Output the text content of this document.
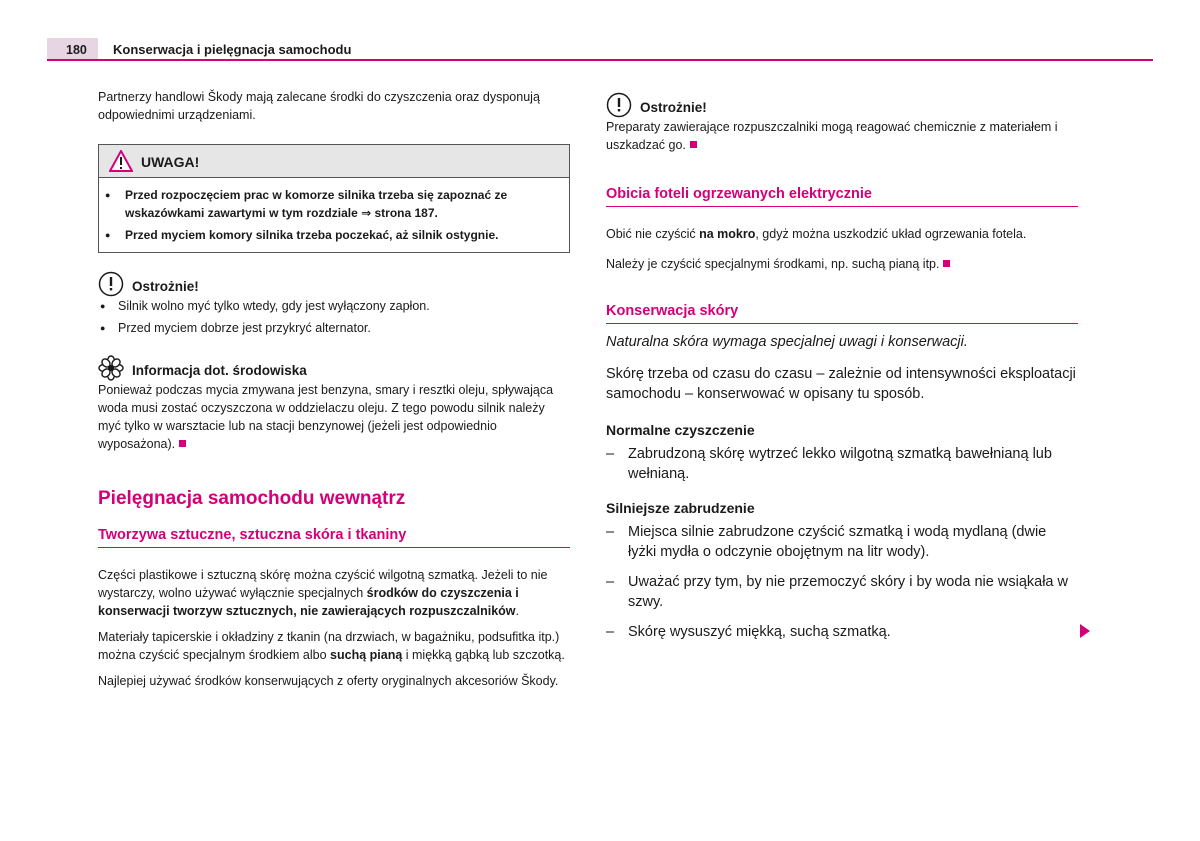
180 Konserwacja i pielęgnacja samochodu

Partnerzy handlowi Škody mają zalecane środki do czyszczenia oraz dysponują odpowiednimi urządzeniami.

UWAGA!
● Przed rozpoczęciem prac w komorze silnika trzeba się zapoznać ze wskazówkami zawartymi w tym rozdziale ⇒ strona 187.
● Przed myciem komory silnika trzeba poczekać, aż silnik ostygnie.
Ostrożnie!
● Silnik wolno myć tylko wtedy, gdy jest wyłączony zapłon.
● Przed myciem dobrze jest przykryć alternator.
Informacja dot. środowiska

Ponieważ podczas mycia zmywana jest benzyna, smary i resztki oleju, spływająca woda musi zostać oczyszczona w oddzielaczu oleju. Z tego powodu silnik należy myć tylko w warsztacie lub na stacji benzynowej (jeżeli jest odpowiednio wyposażona).

Pielęgnacja samochodu wewnątrz
Tworzywa sztuczne, sztuczna skóra i tkaniny

Części plastikowe i sztuczną skórę można czyścić wilgotną szmatką. Jeżeli to nie wystarczy, wolno używać wyłącznie specjalnych środków do czyszczenia i konserwacji tworzyw sztucznych, nie zawierających rozpuszczalników.

Materiały tapicerskie i okładziny z tkanin (na drzwiach, w bagażniku, podsufitka itp.) można czyścić specjalnym środkiem albo suchą pianą i miękką gąbką lub szczotką.

Najlepiej używać środków konserwujących z oferty oryginalnych akcesoriów Škody.

Ostrożnie!

Preparaty zawierające rozpuszczalniki mogą reagować chemicznie z materiałem i uszkadzać go.

Obicia foteli ogrzewanych elektrycznie

Obić nie czyścić na mokro, gdyż można uszkodzić układ ogrzewania fotela.

Należy je czyścić specjalnymi środkami, np. suchą pianą itp.

Konserwacja skóry

Naturalna skóra wymaga specjalnej uwagi i konserwacji.

Skórę trzeba od czasu do czasu – zależnie od intensywności eksploatacji samochodu – konserwować w opisany tu sposób.

Normalne czyszczenie
– Zabrudzoną skórę wytrzeć lekko wilgotną szmatką bawełnianą lub wełnianą.
Silniejsze zabrudzenie
– Miejsca silnie zabrudzone czyścić szmatką i wodą mydlaną (dwie łyżki mydła o odczynie obojętnym na litr wody).
– Uważać przy tym, by nie przemoczyć skóry i by woda nie wsiąkała w szwy.
– Skórę wysuszyć miękką, suchą szmatką.
